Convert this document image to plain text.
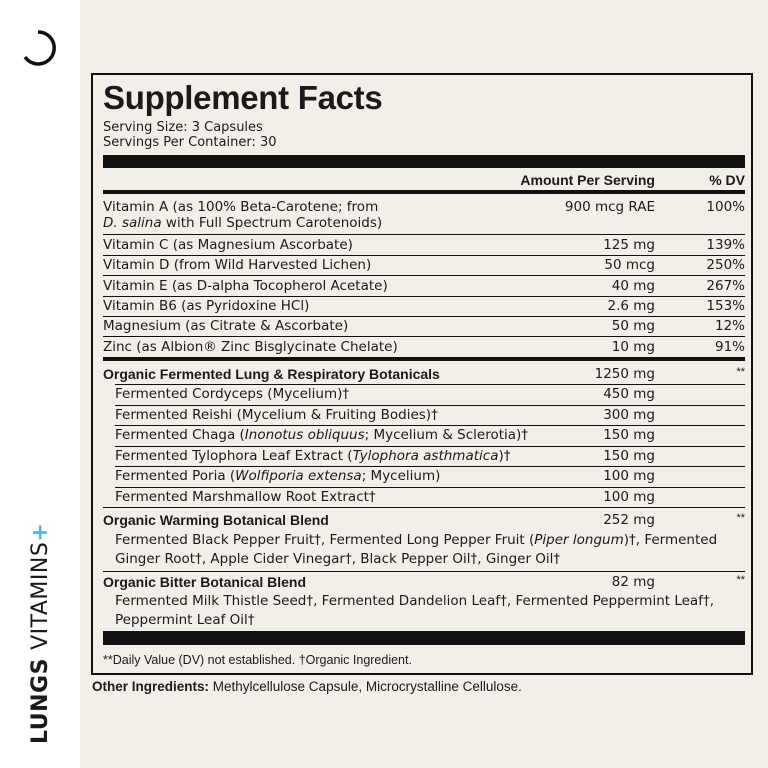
LUNGS VITAMINS+
Supplement Facts
Serving Size: 3 Capsules
Servings Per Container: 30
Amount Per Serving	% DV
Vitamin A (as 100% Beta-Carotene; from
D. salina with Full Spectrum Carotenoids)
900 mcg RAE	100%
Vitamin C (as Magnesium Ascorbate)	125 mg	139%
Vitamin D (from Wild Harvested Lichen)	50 mcg	250%
Vitamin E (as D-alpha Tocopherol Acetate)	40 mg	267%
Vitamin B6 (as Pyridoxine HCl)	2.6 mg	153%
Magnesium (as Citrate & Ascorbate)	50 mg	12%
Zinc (as Albion® Zinc Bisglycinate Chelate)	10 mg	91%
Organic Fermented Lung & Respiratory Botanicals	1250 mg	**
Fermented Cordyceps (Mycelium)†	450 mg
Fermented Reishi (Mycelium & Fruiting Bodies)†	300 mg
Fermented Chaga (Inonotus obliquus; Mycelium & Sclerotia)†	150 mg
Fermented Tylophora Leaf Extract (Tylophora asthmatica)†	150 mg
Fermented Poria (Wolfiporia extensa; Mycelium)	100 mg
Fermented Marshmallow Root Extract†	100 mg
Organic Warming Botanical Blend	252 mg	**
Fermented Black Pepper Fruit†, Fermented Long Pepper Fruit (Piper longum)†, Fermented Ginger Root†, Apple Cider Vinegar†, Black Pepper Oil†, Ginger Oil†
Organic Bitter Botanical Blend	82 mg	**
Fermented Milk Thistle Seed†, Fermented Dandelion Leaf†, Fermented Peppermint Leaf†, Peppermint Leaf Oil†
**Daily Value (DV) not established. †Organic Ingredient.
Other Ingredients: Methylcellulose Capsule, Microcrystalline Cellulose.
